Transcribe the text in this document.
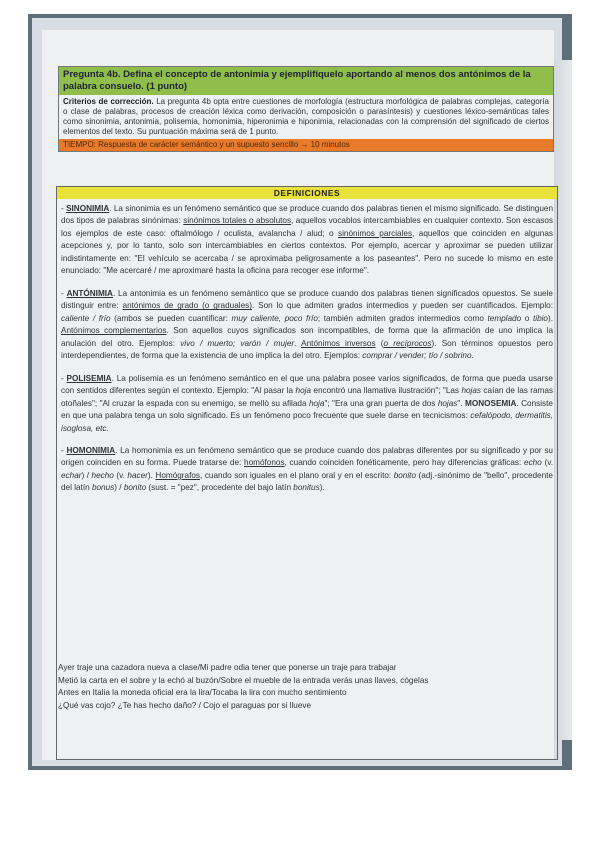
Pregunta 4b. Defina el concepto de antonimia y ejemplifíquelo aportando al menos dos antónimos de la palabra consuelo. (1 punto)
Criterios de corrección. La pregunta 4b opta entre cuestiones de morfología (estructura morfológica de palabras complejas, categoría o clase de palabras, procesos de creación léxica como derivación, composición o parasíntesis) y cuestiones léxico-semánticas tales como sinonimia, antonimia, polisemia, homonimia, hiperonimia e hiponimia, relacionadas con la comprensión del significado de ciertos elementos del texto. Su puntuación máxima será de 1 punto.
TIEMPO: Respuesta de carácter semántico y un supuesto sencillo → 10 minutos
DEFINICIONES

- SINONIMIA. La sinonimia es un fenómeno semántico que se produce cuando dos palabras tienen el mismo significado. Se distinguen dos tipos de palabras sinónimas: sinónimos totales o absolutos, aquellos vocablos intercambiables en cualquier contexto. Son escasos los ejemplos de este caso: oftalmólogo / oculista, avalancha / alud; o sinónimos parciales, aquellos que coinciden en algunas acepciones y, por lo tanto, solo son intercambiables en ciertos contextos. Por ejemplo, acercar y aproximar se pueden utilizar indistintamente en: "El vehículo se acercaba / se aproximaba peligrosamente a los paseantes". Pero no sucede lo mismo en este enunciado: "Me acercaré / me aproximaré hasta la oficina para recoger ese informe".

- ANTÓNIMIA. La antonimia es un fenómeno semántico que se produce cuando dos palabras tienen significados opuestos. Se suele distinguir entre: antónimos de grado (o graduales). Son lo que admiten grados intermedios y pueden ser cuantificados. Ejemplo: caliente / frío (ambos se pueden cuantificar: muy caliente, poco frío; también admiten grados intermedios como templado o tibio). Antónimos complementarios. Son aquellos cuyos significados son incompatibles, de forma que la afirmación de uno implica la anulación del otro. Ejemplos: vivo / muerto; varón / mujer. Antónimos inversos (o recíprocos). Son términos opuestos pero interdependientes, de forma que la existencia de uno implica la del otro. Ejemplos: comprar / vender; tío / sobrino.

- POLISEMIA. La polisemia es un fenómeno semántico en el que una palabra posee varios significados, de forma que pueda usarse con sentidos diferentes según el contexto. Ejemplo: "Al pasar la hoja encontró una llamativa ilustración"; "Las hojas caían de las ramas otoñales"; "Al cruzar la espada con su enemigo, se mellò su afilada hoja"; "Era una gran puerta de dos hojas". MONOSEMIA. Consiste en que una palabra tenga un solo significado. Es un fenómeno poco frecuente que suele darse en tecnicismos: cefalópodo, dermatitis, isoglosa, etc.

- HOMONIMIA. La homonimia es un fenómeno semántico que se produce cuando dos palabras diferentes por su significado y por su origen coinciden en su forma. Puede tratarse de: homófonos, cuando coinciden fonéticamente, pero hay diferencias gráficas: echo (v. echar) / hecho (v. hacer). Homógrafos, cuando son iguales en el plano oral y en el escrito: bonito (adj.-sinónimo de "bello", procedente del latín bonus) / bonito (sust. = "pez", procedente del bajo latín bonitus).

Ayer traje una cazadora nueva a clase/Mi padre odia tener que ponerse un traje para trabajar
Metió la carta en el sobre y la echó al buzón/Sobre el mueble de la entrada verás unas llaves, cógelas
Antes en Italia la moneda oficial era la lira/Tocaba la lira con mucho sentimiento
¿Qué vas cojo? ¿Te has hecho daño? / Cojo el paraguas por si llueve
